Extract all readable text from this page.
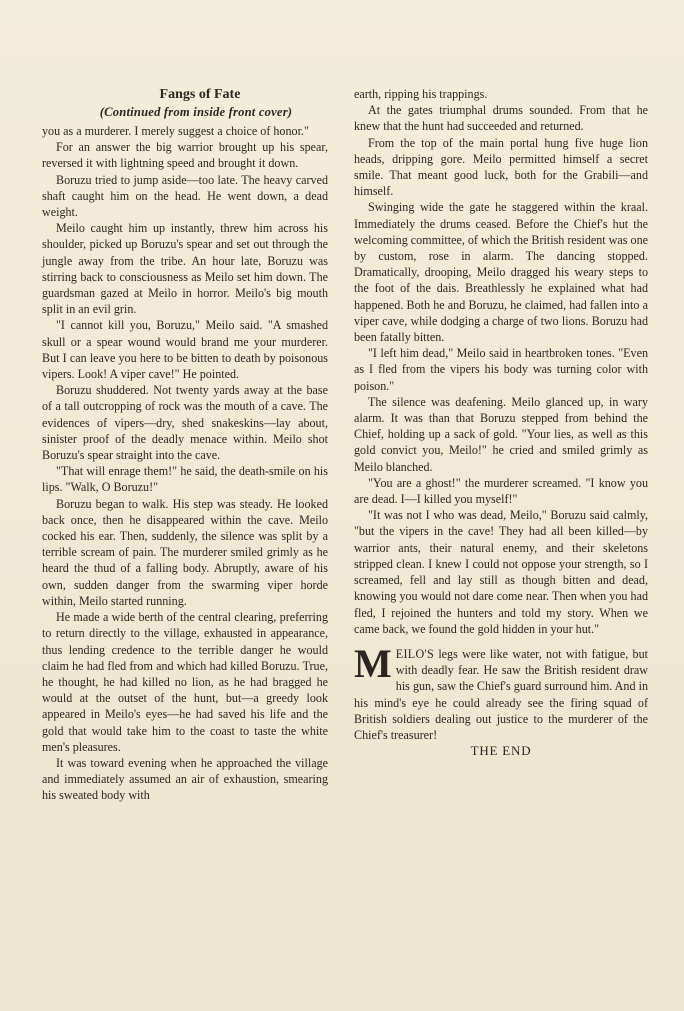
Fangs of Fate
(Continued from inside front cover)

you as a murderer. I merely suggest a choice of honor."

For an answer the big warrior brought up his spear, reversed it with lightning speed and brought it down.

Boruzu tried to jump aside—too late. The heavy carved shaft caught him on the head. He went down, a dead weight.

Meilo caught him up instantly, threw him across his shoulder, picked up Boruzu's spear and set out through the jungle away from the tribe. An hour late, Boruzu was stirring back to consciousness as Meilo set him down. The guardsman gazed at Meilo in horror. Meilo's big mouth split in an evil grin.

"I cannot kill you, Boruzu," Meilo said. "A smashed skull or a spear wound would brand me your murderer. But I can leave you here to be bitten to death by poisonous vipers. Look! A viper cave!" He pointed.

Boruzu shuddered. Not twenty yards away at the base of a tall outcropping of rock was the mouth of a cave. The evidences of vipers—dry, shed snakeskins—lay about, sinister proof of the deadly menace within. Meilo shot Boruzu's spear straight into the cave.

"That will enrage them!" he said, the death-smile on his lips. "Walk, O Boruzu!"

Boruzu began to walk. His step was steady. He looked back once, then he disappeared within the cave. Meilo cocked his ear. Then, suddenly, the silence was split by a terrible scream of pain. The murderer smiled grimly as he heard the thud of a falling body. Abruptly, aware of his own, sudden danger from the swarming viper horde within, Meilo started running.

He made a wide berth of the central clearing, preferring to return directly to the village, exhausted in appearance, thus lending credence to the terrible danger he would claim he had fled from and which had killed Boruzu. True, he thought, he had killed no lion, as he had bragged he would at the outset of the hunt, but—a greedy look appeared in Meilo's eyes—he had saved his life and the gold that would take him to the coast to taste the white men's pleasures.

It was toward evening when he approached the village and immediately assumed an air of exhaustion, smearing his sweated body with

earth, ripping his trappings.

At the gates triumphal drums sounded. From that he knew that the hunt had succeeded and returned.

From the top of the main portal hung five huge lion heads, dripping gore. Meilo permitted himself a secret smile. That meant good luck, both for the Grabili—and himself.

Swinging wide the gate he staggered within the kraal. Immediately the drums ceased. Before the Chief's hut the welcoming committee, of which the British resident was one by custom, rose in alarm. The dancing stopped. Dramatically, drooping, Meilo dragged his weary steps to the foot of the dais. Breathlessly he explained what had happened. Both he and Boruzu, he claimed, had fallen into a viper cave, while dodging a charge of two lions. Boruzu had been fatally bitten.

"I left him dead," Meilo said in heartbroken tones. "Even as I fled from the vipers his body was turning color with poison."

The silence was deafening. Meilo glanced up, in wary alarm. It was than that Boruzu stepped from behind the Chief, holding up a sack of gold. "Your lies, as well as this gold convict you, Meilo!" he cried and smiled grimly as Meilo blanched.

"You are a ghost!" the murderer screamed. "I know you are dead. I—I killed you myself!"

"It was not I who was dead, Meilo," Boruzu said calmly, "but the vipers in the cave! They had all been killed—by warrior ants, their natural enemy, and their skeletons stripped clean. I knew I could not oppose your strength, so I screamed, fell and lay still as though bitten and dead, knowing you would not dare come near. Then when you had fled, I rejoined the hunters and told my story. When we came back, we found the gold hidden in your hut."

MEILO'S legs were like water, not with fatigue, but with deadly fear. He saw the British resident draw his gun, saw the Chief's guard surround him. And in his mind's eye he could already see the firing squad of British soldiers dealing out justice to the murderer of the Chief's treasurer!

THE END
